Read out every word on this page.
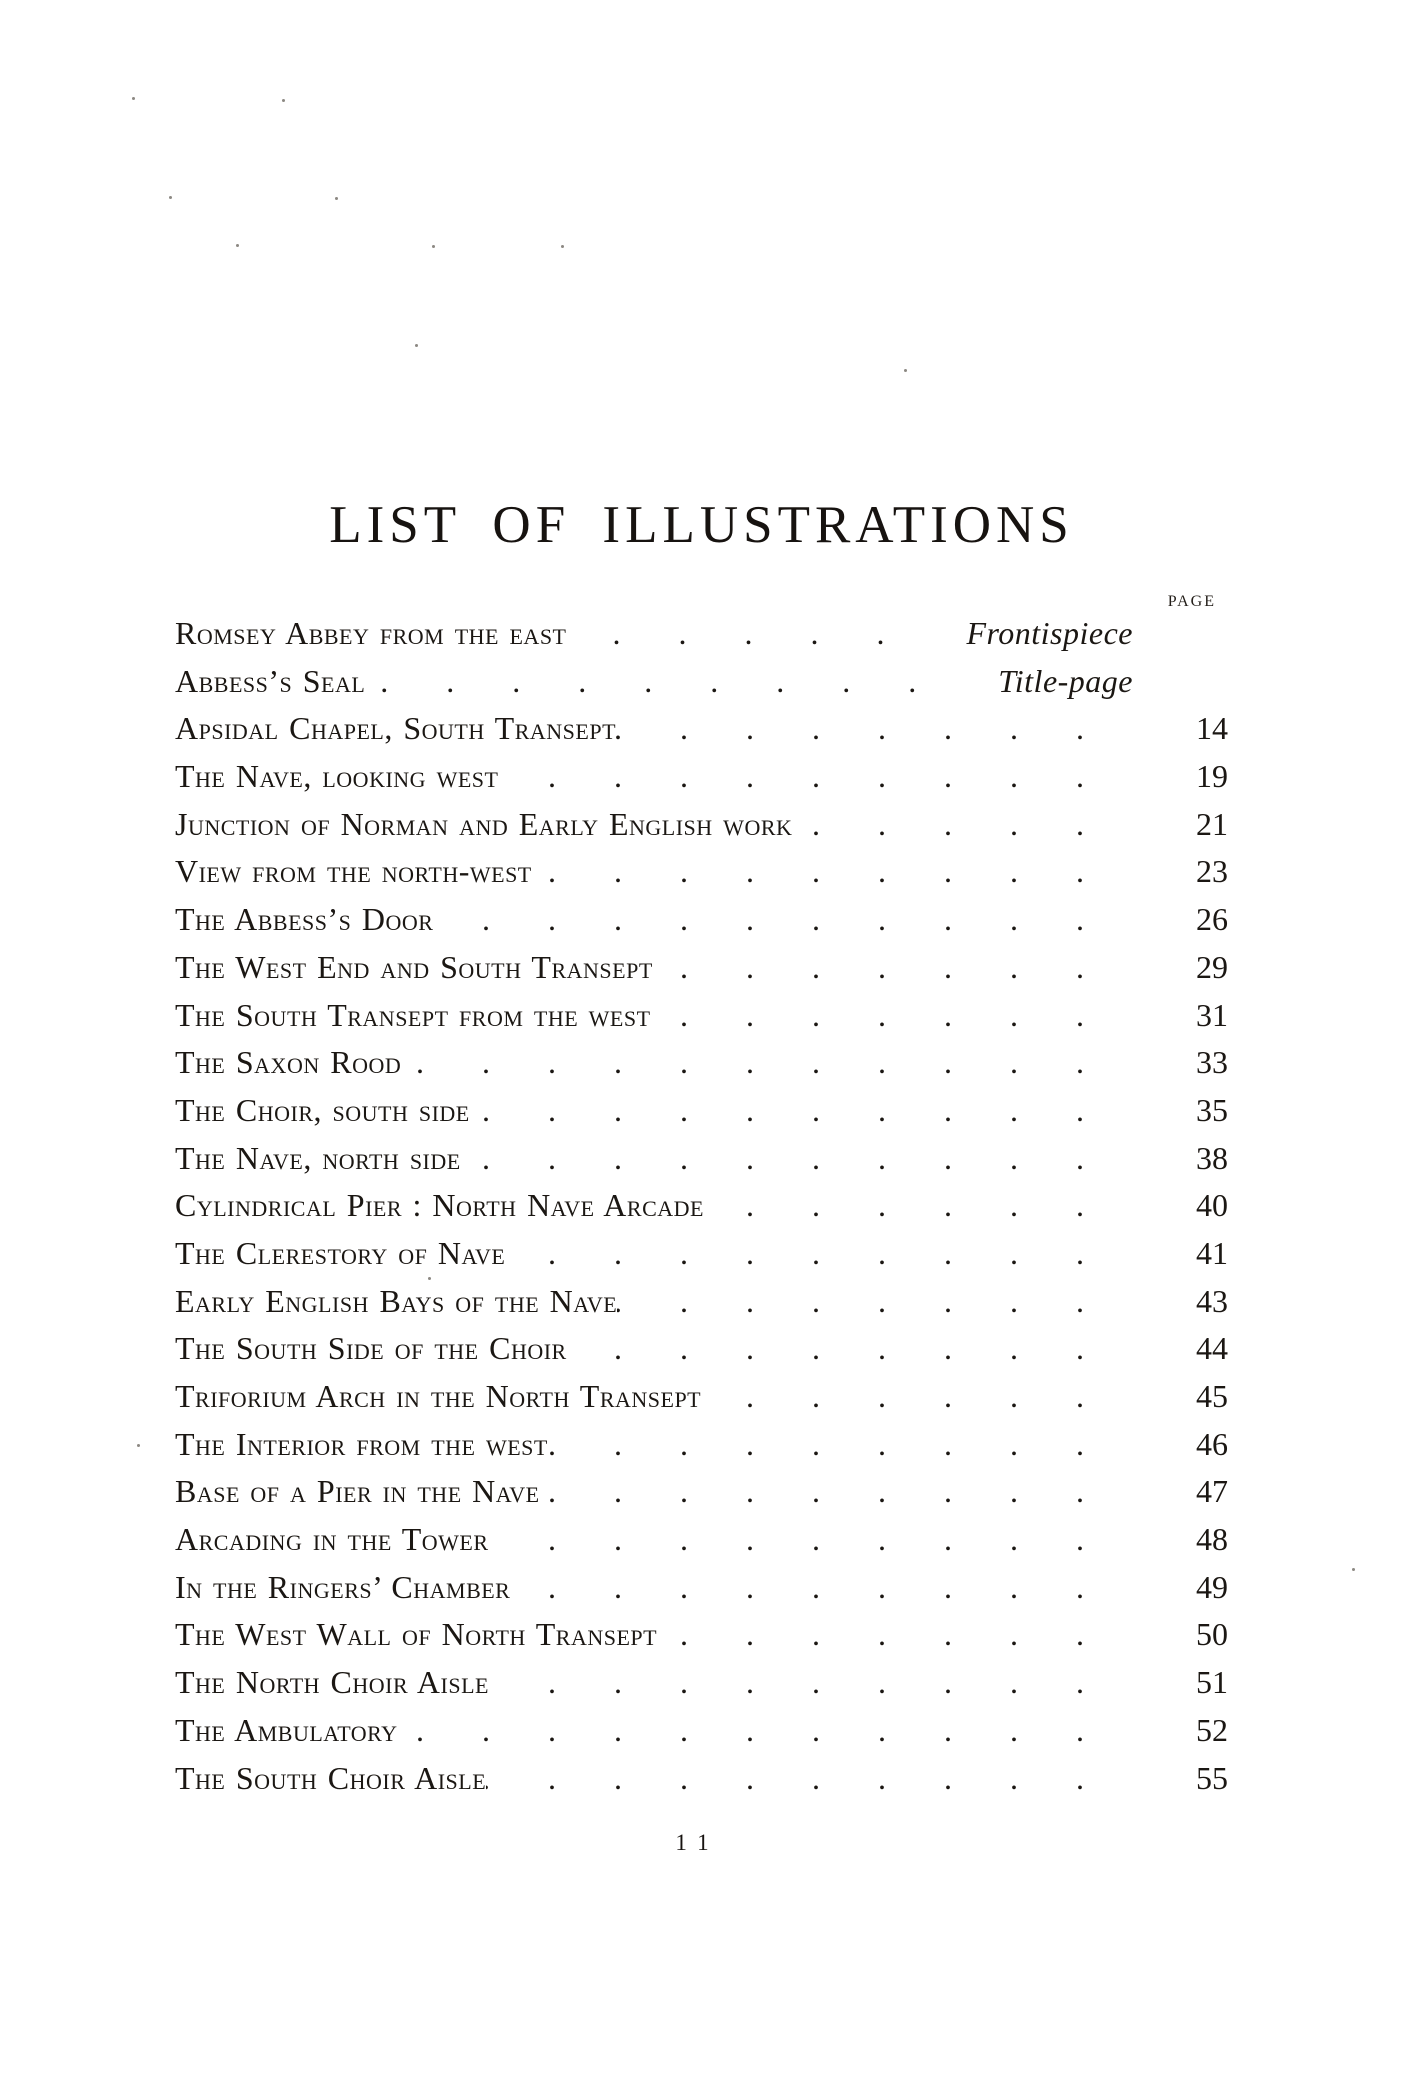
LIST OF ILLUSTRATIONS
PAGE
Romsey Abbey from the east .....	Frontispiece
Abbess’s Seal .....	Title-page
Apsidal Chapel, South Transept .....	14
The Nave, looking west .....	19
Junction of Norman and Early English work .....	21
View from the north-west .....	23
The Abbess’s Door .....	26
The West End and South Transept .....	29
The South Transept from the west .....	31
The Saxon Rood .....	33
The Choir, south side .....	35
The Nave, north side .....	38
Cylindrical Pier : North Nave Arcade .....	40
The Clerestory of Nave .....	41
Early English Bays of the Nave .....	43
The South Side of the Choir .....	44
Triforium Arch in the North Transept .....	45
The Interior from the west .....	46
Base of a Pier in the Nave .....	47
Arcading in the Tower .....	48
In the Ringers’ Chamber .....	49
The West Wall of North Transept .....	50
The North Choir Aisle .....	51
The Ambulatory .....	52
The South Choir Aisle .....	55
11
